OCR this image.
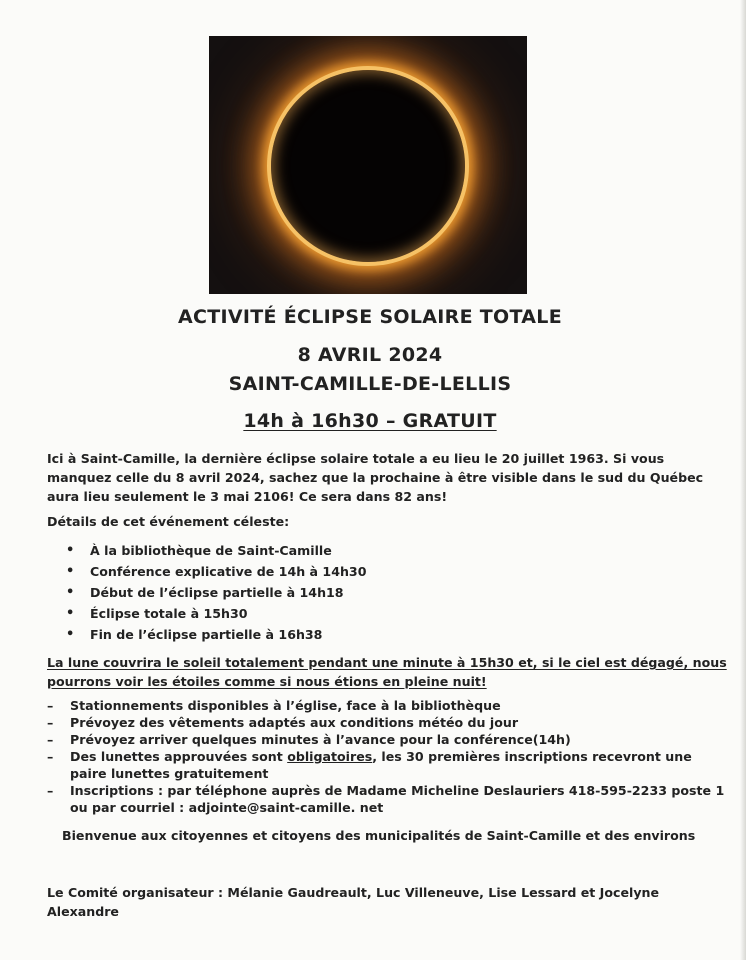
ACTIVITÉ ÉCLIPSE SOLAIRE TOTALE
8 AVRIL 2024
SAINT-CAMILLE-DE-LELLIS
14h à 16h30 – GRATUIT
Ici à Saint-Camille, la dernière éclipse solaire totale a eu lieu le 20 juillet 1963. Si vous manquez celle du 8 avril 2024, sachez que la prochaine à être visible dans le sud du Québec aura lieu seulement le 3 mai 2106! Ce sera dans 82 ans!
Détails de cet événement céleste:
• À la bibliothèque de Saint-Camille
• Conférence explicative de 14h à 14h30
• Début de l’éclipse partielle à 14h18
• Éclipse totale à 15h30
• Fin de l’éclipse partielle à 16h38
La lune couvrira le soleil totalement pendant une minute à 15h30 et, si le ciel est dégagé, nous pourrons voir les étoiles comme si nous étions en pleine nuit!
– Stationnements disponibles à l’église, face à la bibliothèque
– Prévoyez des vêtements adaptés aux conditions météo du jour
– Prévoyez arriver quelques minutes à l’avance pour la conférence(14h)
– Des lunettes approuvées sont obligatoires, les 30 premières inscriptions recevront une paire lunettes gratuitement
– Inscriptions : par téléphone auprès de Madame Micheline Deslauriers 418-595-2233 poste 1 ou par courriel : adjointe@saint-camille. net
Bienvenue aux citoyennes et citoyens des municipalités de Saint-Camille et des environs
Le Comité organisateur : Mélanie Gaudreault, Luc Villeneuve, Lise Lessard et Jocelyne Alexandre
